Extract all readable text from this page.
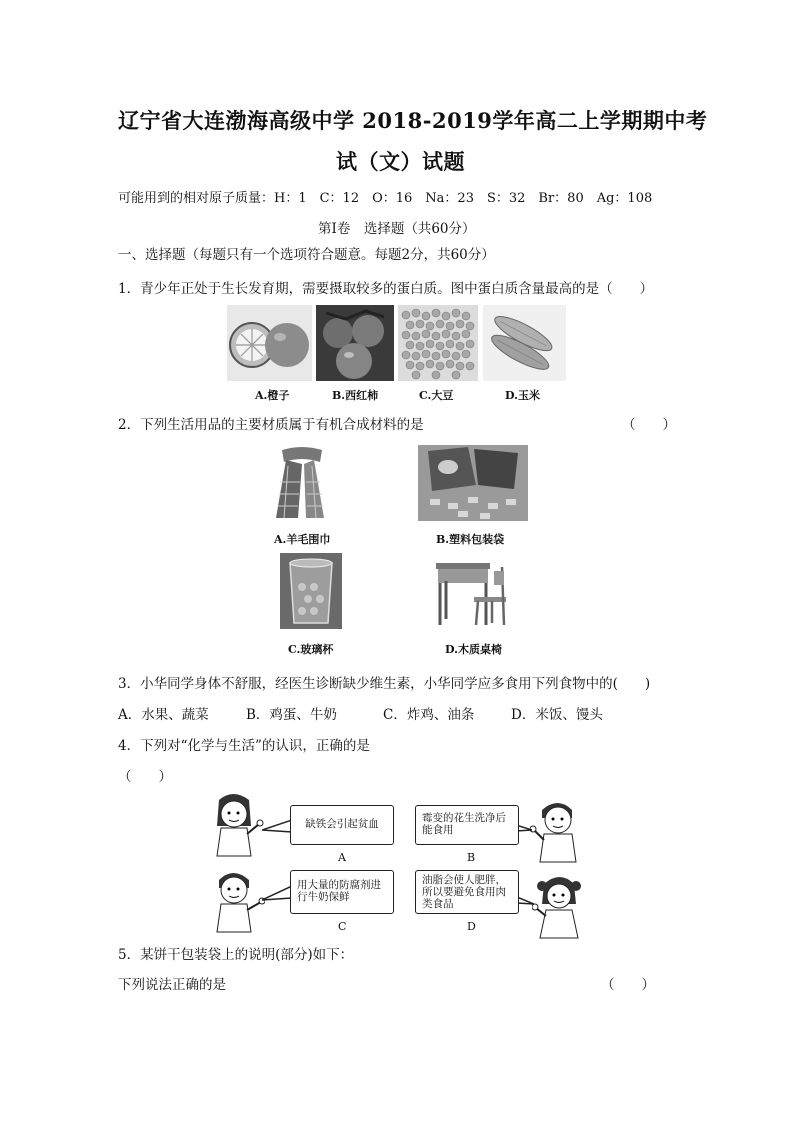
辽宁省大连渤海高级中学 2018-2019学年高二上学期期中考
试（文）试题
可能用到的相对原子质量：H：1　C：12　O：16　Na：23　S：32　Br：80　Ag：108
第Ⅰ卷　选择题（共60分）
一、选择题（每题只有一个选项符合题意。每题2分，共60分）
1．青少年正处于生长发育期，需要摄取较多的蛋白质。图中蛋白质含量最高的是（　　）
A.橙子	B.西红柿	C.大豆	D.玉米
2．下列生活用品的主要材质属于有机合成材料的是	（　　）
A.羊毛围巾	B.塑料包装袋
C.玻璃杯	D.木质桌椅
3．小华同学身体不舒服，经医生诊断缺少维生素，小华同学应多食用下列食物中的(　　)
A．水果、蔬菜	B．鸡蛋、牛奶	C．炸鸡、油条	D．米饭、馒头
4．下列对“化学与生活”的认识，正确的是
（　　）
缺铁会引起贫血
A
霉变的花生洗净后能食用
B
用大量的防腐剂进行牛奶保鲜
C
油脂会使人肥胖，所以要避免食用肉类食品
D
5．某饼干包装袋上的说明(部分)如下：
下列说法正确的是	（　　）
